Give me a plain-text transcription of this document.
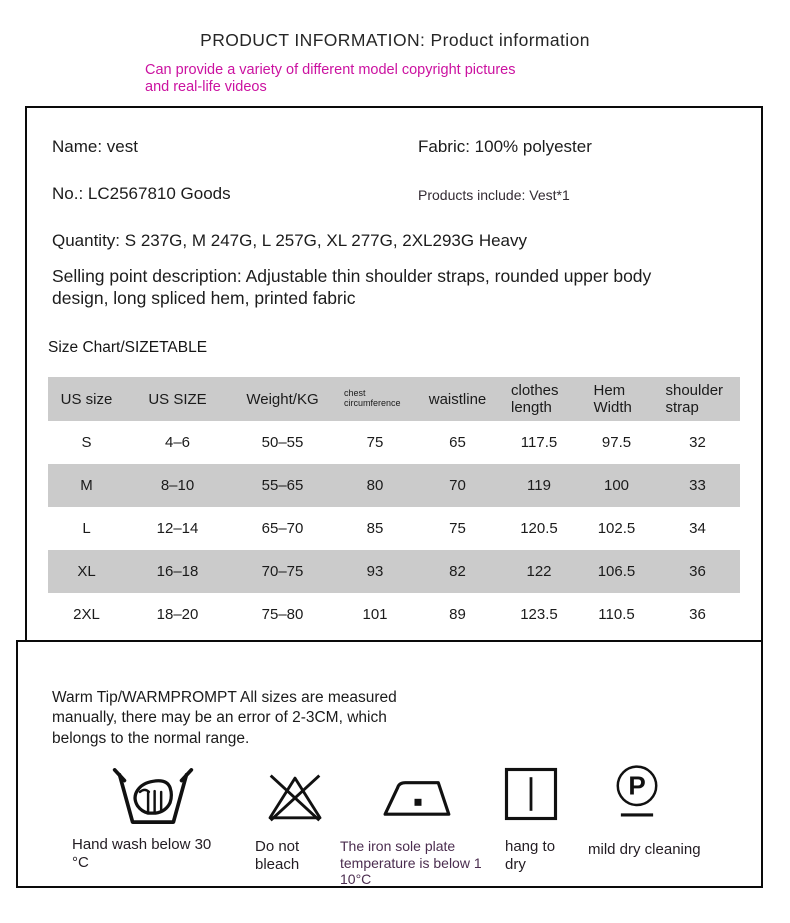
PRODUCT INFORMATION: Product information
Can provide a variety of different model copyright pictures
and real-life videos
Name: vest	Fabric: 100% polyester
No.: LC2567810 Goods	Products include: Vest*1
Quantity: S 237G, M 247G, L 257G, XL 277G, 2XL293G Heavy
Selling point description: Adjustable thin shoulder straps, rounded upper body design, long spliced hem, printed fabric
Size Chart/SIZETABLE
US size	US SIZE	Weight/KG	chest circumference	waistline	clothes length	Hem Width	shoulder strap
S	4–6	50–55	75	65	117.5	97.5	32
M	8–10	55–65	80	70	119	100	33
L	12–14	65–70	85	75	120.5	102.5	34
XL	16–18	70–75	93	82	122	106.5	36
2XL	18–20	75–80	101	89	123.5	110.5	36
Warm Tip/WARMPROMPT All sizes are measured manually, there may be an error of 2-3CM, which belongs to the normal range.
P
Hand wash below 30 °C
Do not bleach
The iron sole plate temperature is below 1 10°C
hang to dry
mild dry cleaning
